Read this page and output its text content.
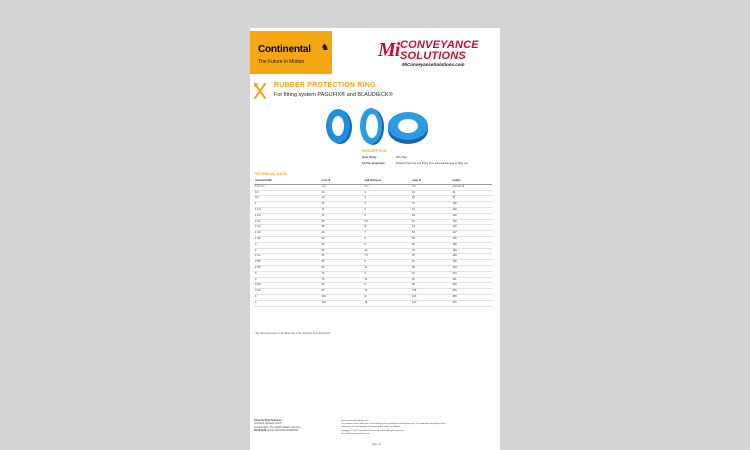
Continental ♞
The Future in Motion
Mi CONVEYANCE
SOLUTIONS
MiConveyanceSolutions.com
RUBBER PROTECTION RING
For fitting system PAGUFIX® and BLAUDIECK®
DESCRIPTION
Inner lining:	NR / blue
Further properties:	Protects the hose and fitting from external damage or daily use
TECHNICAL DATA
nominal width	inner Ø	wall thickness	outer Ø	weight
inch mm	mm	mm	mm	gram/pc Ø
1/2	13	4	21	34
3/4	19	5	29	65
1	25	6	37	108
1 1/4	32	6	44	118
1 1/2	32	8	48	129
1 1/2	38	6.5	51	120
1 1/2	38	8	54	127
1 3/4	40	7	54	127
1 3/4	40	9	58	135
2	50	8	66	168
2	50	10	70	169
2 1/2	63	7.5	78	169
2 5/8	65	8	81	190
2 5/8	65	11	83	164
3	75	8	91	274
3	75	13	95	211
3 1/8	80	8	96	229
3 1/8	80	14	108	249
4	100	9	118	369
4	100	15	130	315
* The dimensions given in the table refer to the respective hose dimensions
Industrial Fluid Solutions
ContiTech Schlauch GmbH
Continentalstr. 3-5 | 34497 Korbach, Germany
IFS-M-1645 Version 20/11/2019 2020/09/18
www.continental-industry.com
The content of this publication is not binding and is provided for information only. The trademarks displayed in this
publication are the property of Continental AG and/or its affiliates.
Copyright © 2019 ContiTech Deutschland GmbH. All rights reserved.
For complete information go to
Page 1/1
